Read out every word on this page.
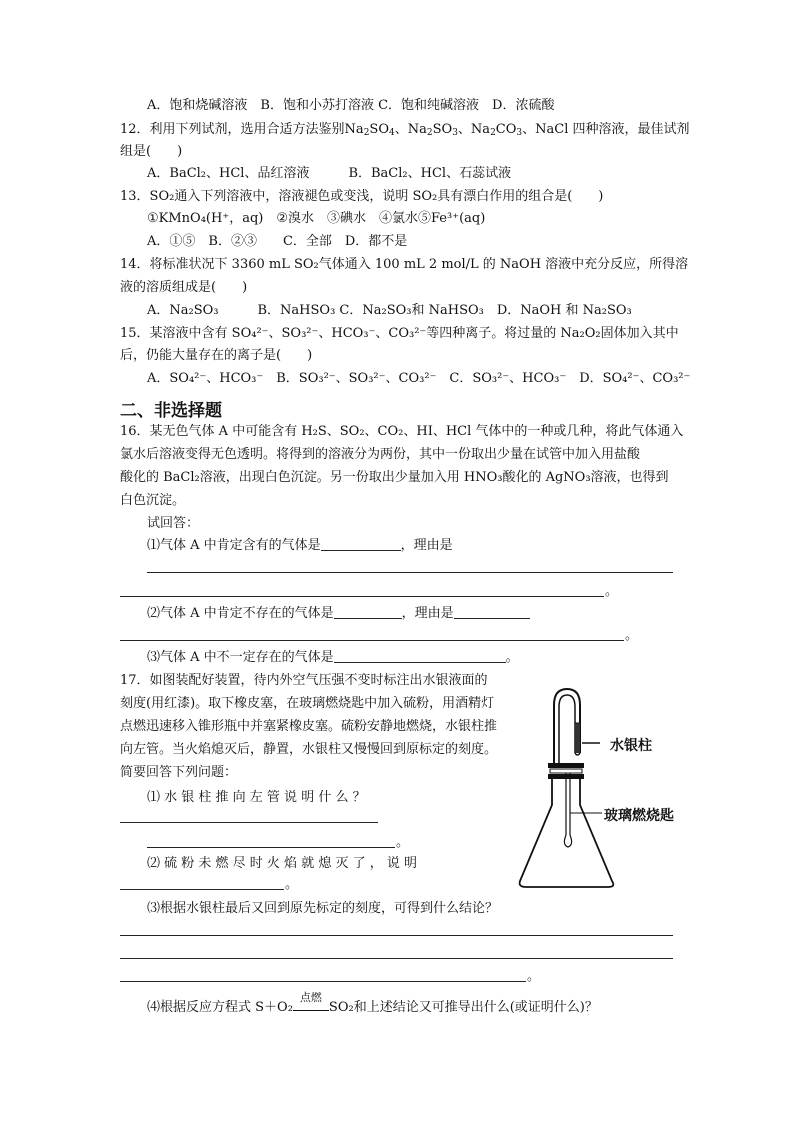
A．饱和烧碱溶液　B．饱和小苏打溶液 C．饱和纯碱溶液　D．浓硫酸
12．利用下列试剂，选用合适方法鉴别$Na_2SO_4$、$Na_2SO_3$、$Na_2CO_3$、NaCl 四种溶液，最佳试剂
组是(　　)
A．BaCl₂、HCl、品红溶液　　　B．BaCl₂、HCl、石蕊试液
13．SO₂通入下列溶液中，溶液褪色或变浅，说明 SO₂具有漂白作用的组合是(　　)
①KMnO₄(H⁺，aq)　②溴水　③碘水　④氯水⑤Fe³⁺(aq)
A．①⑤　B．②③　　C．全部　D．都不是
14．将标准状况下 3360 mL SO₂气体通入 100 mL 2 mol/L 的 NaOH 溶液中充分反应，所得溶
液的溶质组成是(　　)
A．Na₂SO₃　　　B．NaHSO₃ C．Na₂SO₃和 NaHSO₃　D．NaOH 和 Na₂SO₃
15．某溶液中含有 SO₄²⁻、SO₃²⁻、HCO₃⁻、CO₃²⁻等四种离子。将过量的 Na₂O₂固体加入其中
后，仍能大量存在的离子是(　　)
A．SO₄²⁻、HCO₃⁻　B．SO₃²⁻、SO₃²⁻、CO₃²⁻　C．SO₃²⁻、HCO₃⁻　D．SO₄²⁻、CO₃²⁻
二、非选择题
16．某无色气体 A 中可能含有 H₂S、SO₂、CO₂、HI、HCl 气体中的一种或几种，将此气体通入
氯水后溶液变得无色透明。将得到的溶液分为两份，其中一份取出少量在试管中加入用盐酸
酸化的 BaCl₂溶液，出现白色沉淀。另一份取出少量加入用 HNO₃酸化的 AgNO₃溶液，也得到
白色沉淀。
试回答：
⑴气体 A 中肯定含有的气体是	，理由是
。
⑵气体 A 中肯定不存在的气体是	，理由是
。
⑶气体 A 中不一定存在的气体是	。
17．如图装配好装置，待内外空气压强不变时标注出水银液面的
刻度(用红漆)。取下橡皮塞，在玻璃燃烧匙中加入硫粉，用酒精灯
点燃迅速移入锥形瓶中并塞紧橡皮塞。硫粉安静地燃烧，水银柱推
向左管。当火焰熄灭后，静置，水银柱又慢慢回到原标定的刻度。
简要回答下列问题：
⑴ 水 银 柱 推 向 左 管 说 明 什 么 ？
。
⑵ 硫 粉 未 燃 尽 时 火 焰 就 熄 灭 了 ， 说 明
。
⑶根据水银柱最后又回到原先标定的刻度，可得到什么结论？
。
⑷根据反应方程式 S＋O₂
点燃
SO₂和上述结论又可推导出什么(或证明什么)？
水银柱
玻璃燃烧匙
